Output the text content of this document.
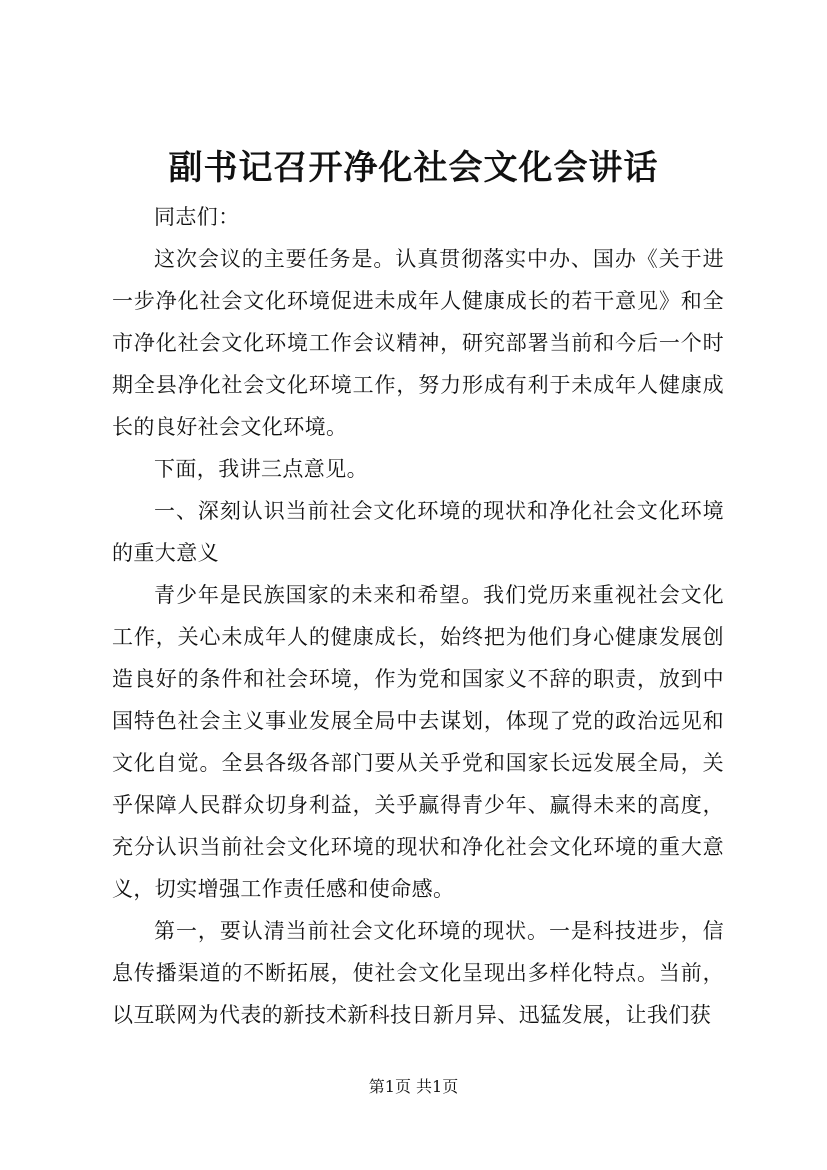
副书记召开净化社会文化会讲话

同志们：

这次会议的主要任务是。认真贯彻落实中办、国办《关于进一步净化社会文化环境促进未成年人健康成长的若干意见》和全市净化社会文化环境工作会议精神，研究部署当前和今后一个时期全县净化社会文化环境工作，努力形成有利于未成年人健康成长的良好社会文化环境。

下面，我讲三点意见。

一、深刻认识当前社会文化环境的现状和净化社会文化环境的重大意义

青少年是民族国家的未来和希望。我们党历来重视社会文化工作，关心未成年人的健康成长，始终把为他们身心健康发展创造良好的条件和社会环境，作为党和国家义不辞的职责，放到中国特色社会主义事业发展全局中去谋划，体现了党的政治远见和文化自觉。全县各级各部门要从关乎党和国家长远发展全局，关乎保障人民群众切身利益，关乎赢得青少年、赢得未来的高度，充分认识当前社会文化环境的现状和净化社会文化环境的重大意义，切实增强工作责任感和使命感。

第一，要认清当前社会文化环境的现状。一是科技进步，信息传播渠道的不断拓展，使社会文化呈现出多样化特点。当前，以互联网为代表的新技术新科技日新月异、迅猛发展，让我们获

第1页 共1页
